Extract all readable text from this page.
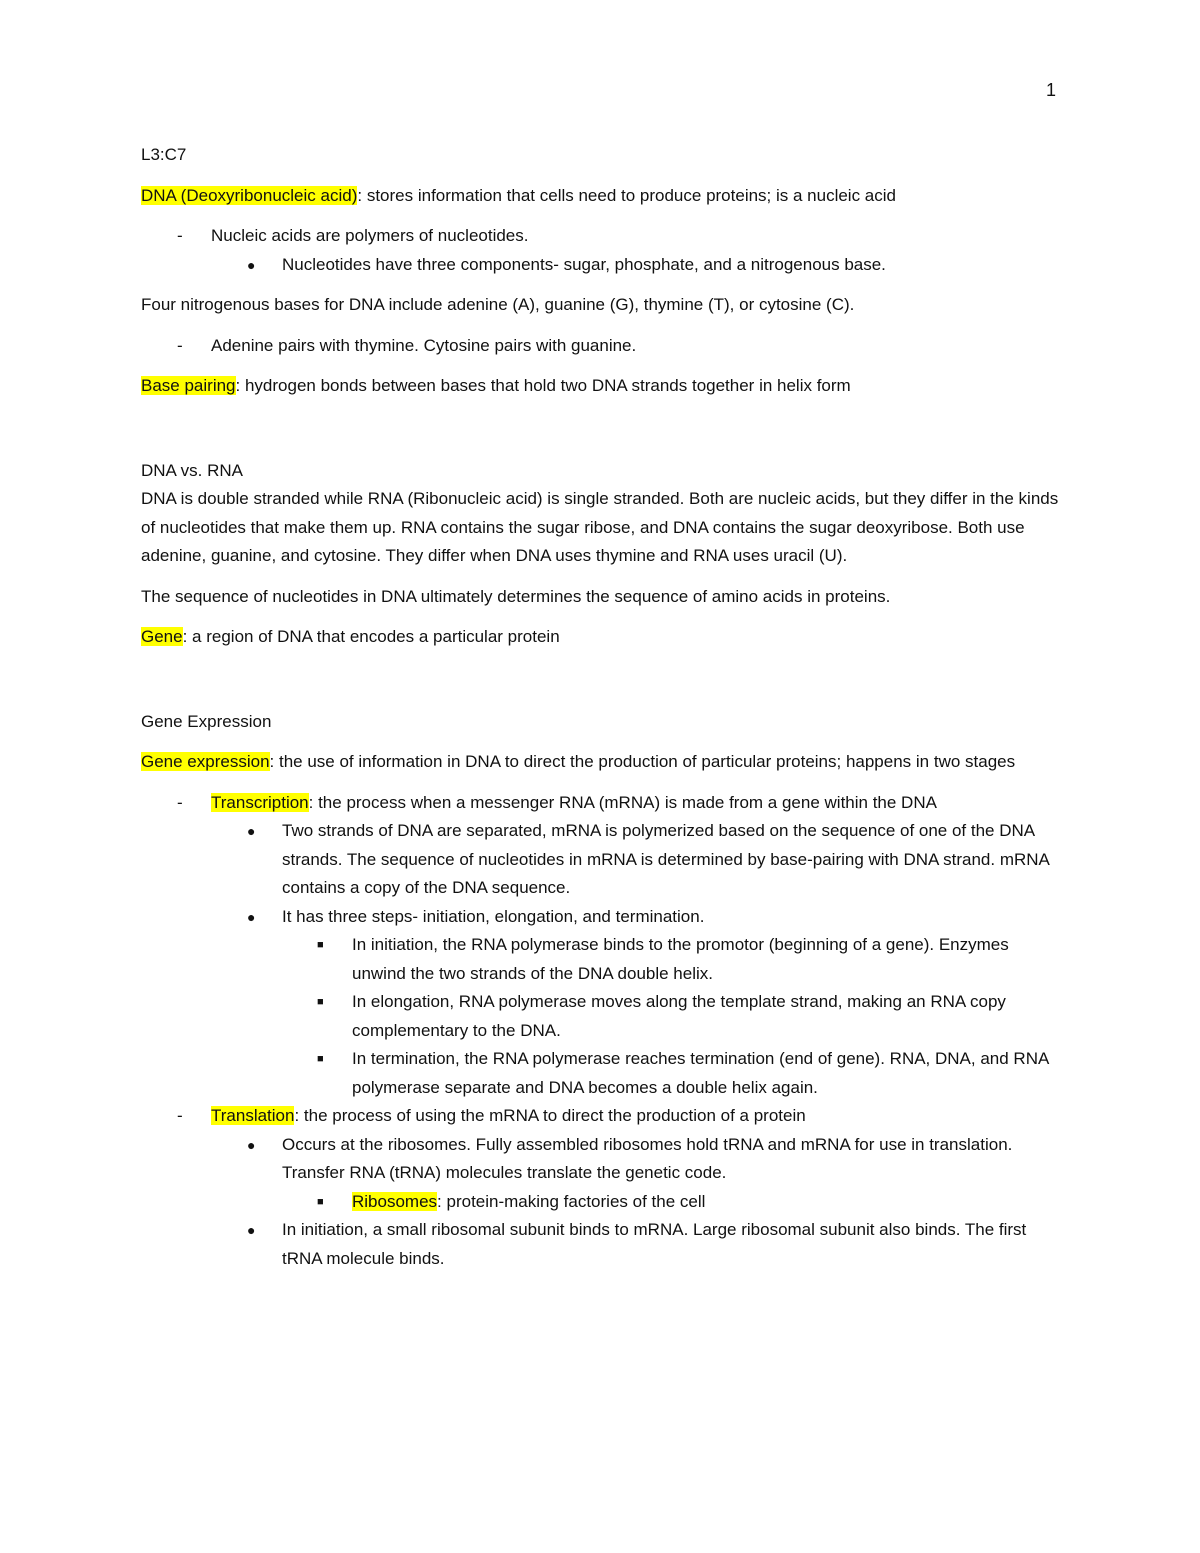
1

L3:C7

DNA (Deoxyribonucleic acid): stores information that cells need to produce proteins; is a nucleic acid

- Nucleic acids are polymers of nucleotides.
● Nucleotides have three components- sugar, phosphate, and a nitrogenous base.

Four nitrogenous bases for DNA include adenine (A), guanine (G), thymine (T), or cytosine (C).

- Adenine pairs with thymine. Cytosine pairs with guanine.

Base pairing: hydrogen bonds between bases that hold two DNA strands together in helix form

DNA vs. RNA

DNA is double stranded while RNA (Ribonucleic acid) is single stranded. Both are nucleic acids, but they differ in the kinds of nucleotides that make them up. RNA contains the sugar ribose, and DNA contains the sugar deoxyribose. Both use adenine, guanine, and cytosine. They differ when DNA uses thymine and RNA uses uracil (U).

The sequence of nucleotides in DNA ultimately determines the sequence of amino acids in proteins.

Gene: a region of DNA that encodes a particular protein

Gene Expression

Gene expression: the use of information in DNA to direct the production of particular proteins; happens in two stages

- Transcription: the process when a messenger RNA (mRNA) is made from a gene within the DNA
● Two strands of DNA are separated, mRNA is polymerized based on the sequence of one of the DNA strands. The sequence of nucleotides in mRNA is determined by base-pairing with DNA strand. mRNA contains a copy of the DNA sequence.
● It has three steps- initiation, elongation, and termination.
■ In initiation, the RNA polymerase binds to the promotor (beginning of a gene). Enzymes unwind the two strands of the DNA double helix.
■ In elongation, RNA polymerase moves along the template strand, making an RNA copy complementary to the DNA.
■ In termination, the RNA polymerase reaches termination (end of gene). RNA, DNA, and RNA polymerase separate and DNA becomes a double helix again.
- Translation: the process of using the mRNA to direct the production of a protein
● Occurs at the ribosomes. Fully assembled ribosomes hold tRNA and mRNA for use in translation. Transfer RNA (tRNA) molecules translate the genetic code.
■ Ribosomes: protein-making factories of the cell
● In initiation, a small ribosomal subunit binds to mRNA. Large ribosomal subunit also binds. The first tRNA molecule binds.
